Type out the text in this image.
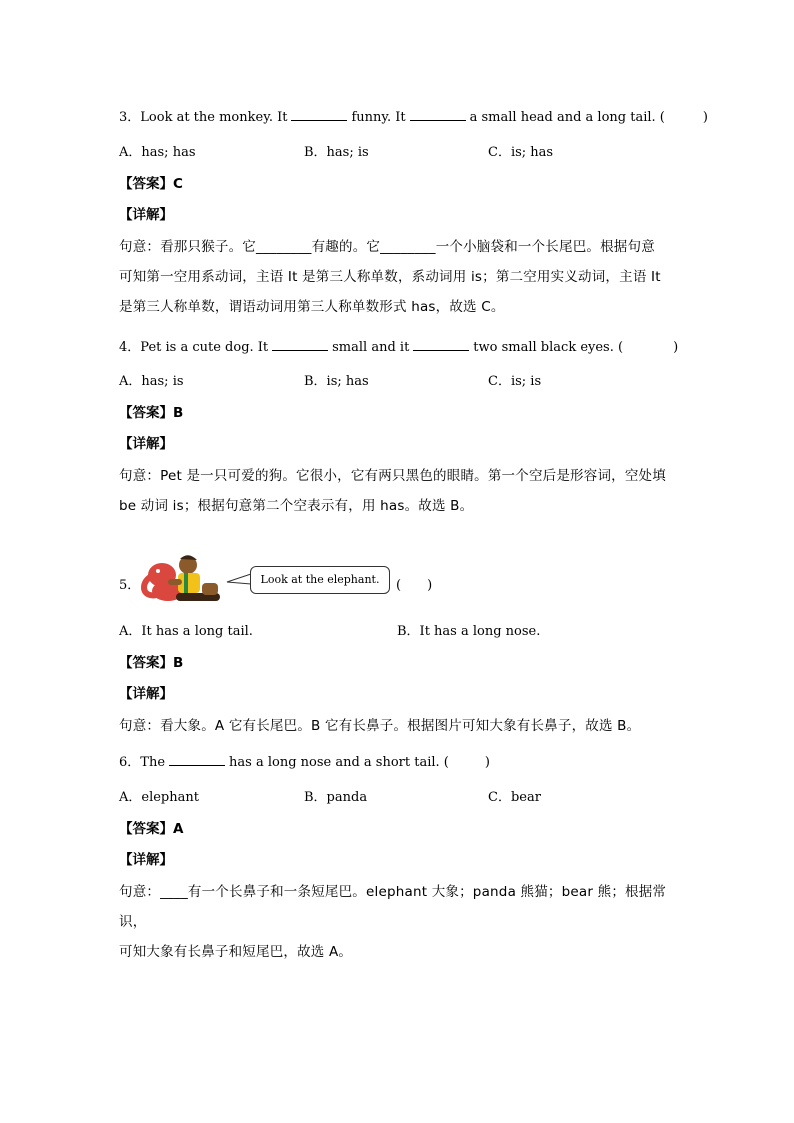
3．Look at the monkey. It	funny. It	a small head and a long tail. (	)
A．has; has	B．has; is	C．is; has
【答案】C
【详解】
句意：看那只猴子。它________有趣的。它________一个小脑袋和一个长尾巴。根据句意
可知第一空用系动词，主语 It 是第三人称单数，系动词用 is；第二空用实义动词，主语 It
是第三人称单数，谓语动词用第三人称单数形式 has，故选 C。
4．Pet is a cute dog. It	small and it	two small black eyes. (	)
A．has; is	B．is; has	C．is; is
【答案】B
【详解】
句意：Pet 是一只可爱的狗。它很小，它有两只黑色的眼睛。第一个空后是形容词，空处填
be 动词 is；根据句意第二个空表示有，用 has。故选 B。
5．	Look at the elephant.	(　　)
A．It has a long tail.	B．It has a long nose.
【答案】B
【详解】
句意：看大象。A 它有长尾巴。B 它有长鼻子。根据图片可知大象有长鼻子，故选 B。
6．The	has a long nose and a short tail. (	)
A．elephant	B．panda	C．bear
【答案】A
【详解】
句意：____有一个长鼻子和一条短尾巴。elephant 大象；panda 熊猫；bear 熊；根据常识，
可知大象有长鼻子和短尾巴，故选 A。
